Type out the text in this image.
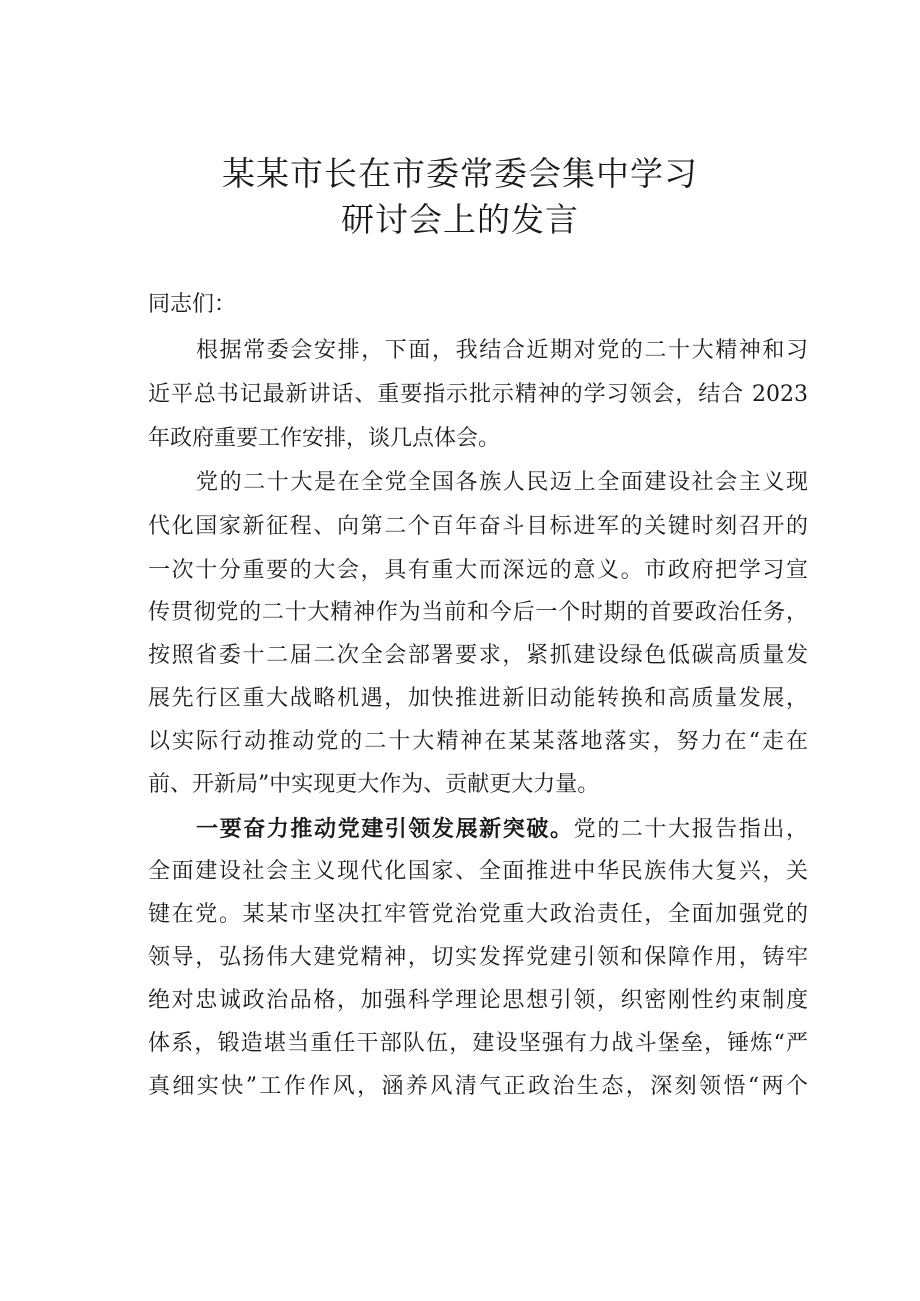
某某市长在市委常委会集中学习
研讨会上的发言

同志们：

根据常委会安排，下面，我结合近期对党的二十大精神和习

近平总书记最新讲话、重要指示批示精神的学习领会，结合 2023

年政府重要工作安排，谈几点体会。

党的二十大是在全党全国各族人民迈上全面建设社会主义现

代化国家新征程、向第二个百年奋斗目标进军的关键时刻召开的

一次十分重要的大会，具有重大而深远的意义。市政府把学习宣

传贯彻党的二十大精神作为当前和今后一个时期的首要政治任务，

按照省委十二届二次全会部署要求，紧抓建设绿色低碳高质量发

展先行区重大战略机遇，加快推进新旧动能转换和高质量发展，

以实际行动推动党的二十大精神在某某落地落实，努力在“走在

前、开新局”中实现更大作为、贡献更大力量。

一要奋力推动党建引领发展新突破。党的二十大报告指出，

全面建设社会主义现代化国家、全面推进中华民族伟大复兴，关

键在党。某某市坚决扛牢管党治党重大政治责任，全面加强党的

领导，弘扬伟大建党精神，切实发挥党建引领和保障作用，铸牢

绝对忠诚政治品格，加强科学理论思想引领，织密刚性约束制度

体系，锻造堪当重任干部队伍，建设坚强有力战斗堡垒，锤炼“严

真细实快”工作作风，涵养风清气正政治生态，深刻领悟“两个
